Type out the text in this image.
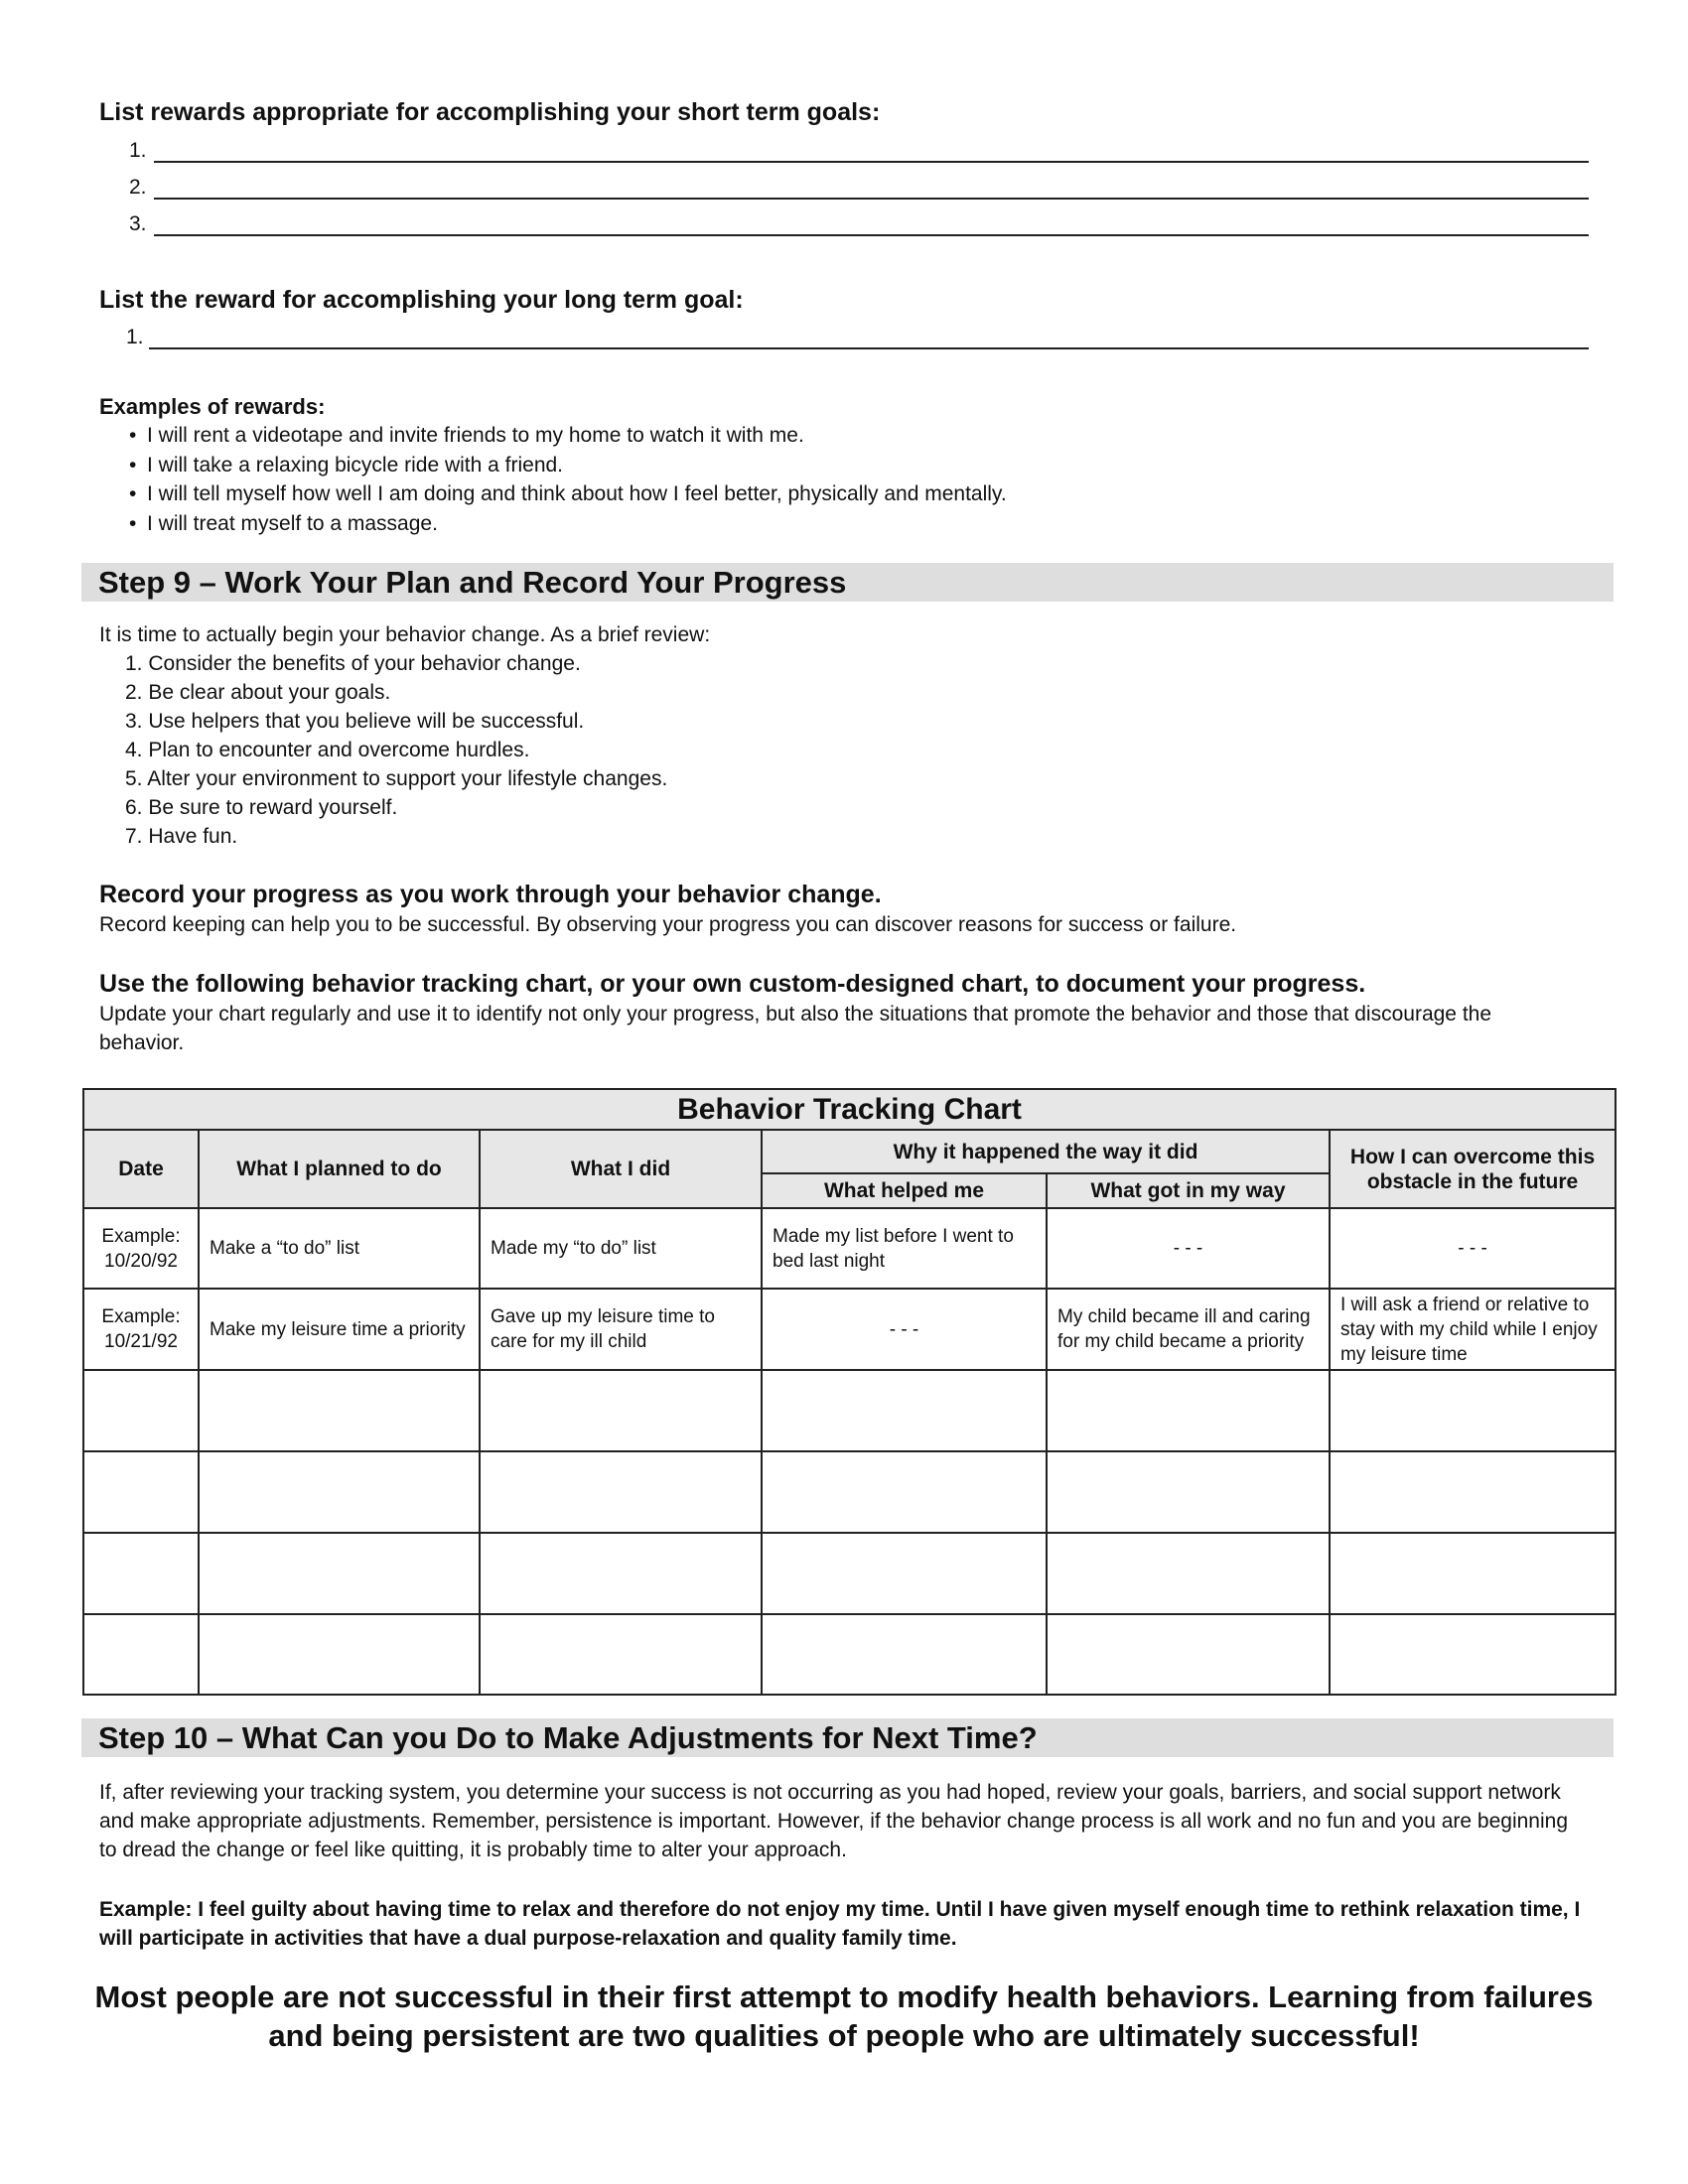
List rewards appropriate for accomplishing your short term goals:
1.
2.
3.
List the reward for accomplishing your long term goal:
1.
Examples of rewards:
• I will rent a videotape and invite friends to my home to watch it with me.
• I will take a relaxing bicycle ride with a friend.
• I will tell myself how well I am doing and think about how I feel better, physically and mentally.
• I will treat myself to a massage.
Step 9 – Work Your Plan and Record Your Progress
It is time to actually begin your behavior change. As a brief review:
1. Consider the benefits of your behavior change.
2. Be clear about your goals.
3. Use helpers that you believe will be successful.
4. Plan to encounter and overcome hurdles.
5. Alter your environment to support your lifestyle changes.
6. Be sure to reward yourself.
7. Have fun.
Record your progress as you work through your behavior change.
Record keeping can help you to be successful. By observing your progress you can discover reasons for success or failure.
Use the following behavior tracking chart, or your own custom-designed chart, to document your progress.
Update your chart regularly and use it to identify not only your progress, but also the situations that promote the behavior and those that discourage the behavior.
Behavior Tracking Chart					
Date	What I planned to do	What I did	Why it happened the way it did		How I can overcome this obstacle in the future
			What helped me	What got in my way	

Example:
10/20/92	Make a “to do” list	Made my “to do” list	Made my list before I went to bed last night	- - -	- - -

Example:
10/21/92	Make my leisure time a priority	Gave up my leisure time to care for my ill child	- - -	My child became ill and caring for my child became a priority	I will ask a friend or relative to stay with my child while I enjoy my leisure time

Step 10 – What Can you Do to Make Adjustments for Next Time?
If, after reviewing your tracking system, you determine your success is not occurring as you had hoped, review your goals, barriers, and social support network and make appropriate adjustments. Remember, persistence is important. However, if the behavior change process is all work and no fun and you are beginning to dread the change or feel like quitting, it is probably time to alter your approach.
Example: I feel guilty about having time to relax and therefore do not enjoy my time. Until I have given myself enough time to rethink relaxation time, I will participate in activities that have a dual purpose-relaxation and quality family time.
Most people are not successful in their first attempt to modify health behaviors. Learning from failures and being persistent are two qualities of people who are ultimately successful!
